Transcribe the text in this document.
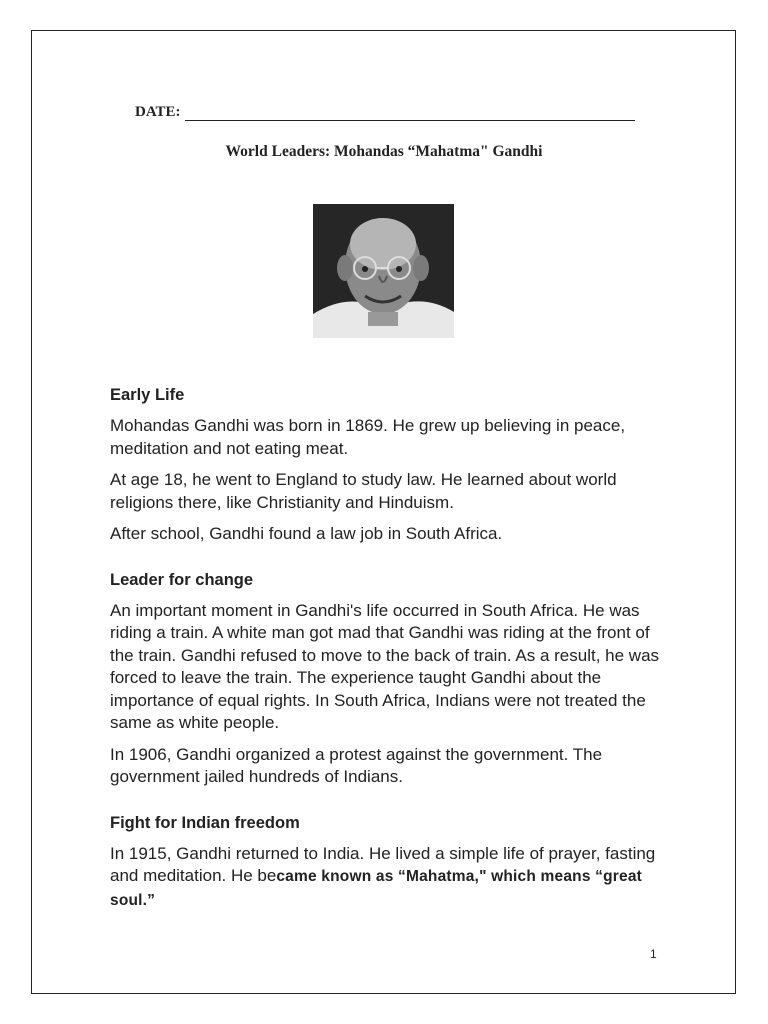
DATE:
World Leaders: Mohandas “Mahatma" Gandhi
Early Life

Mohandas Gandhi was born in 1869. He grew up believing in peace, meditation and not eating meat.

At age 18, he went to England to study law. He learned about world religions there, like Christianity and Hinduism.

After school, Gandhi found a law job in South Africa.

Leader for change

An important moment in Gandhi's life occurred in South Africa. He was riding a train. A white man got mad that Gandhi was riding at the front of the train. Gandhi refused to move to the back of train. As a result, he was forced to leave the train. The experience taught Gandhi about the importance of equal rights. In South Africa, Indians were not treated the same as white people.

In 1906, Gandhi organized a protest against the government. The government jailed hundreds of Indians.

Fight for Indian freedom

In 1915, Gandhi returned to India. He lived a simple life of prayer, fasting and meditation. He became known as “Mahatma," which means “great soul.”

1
